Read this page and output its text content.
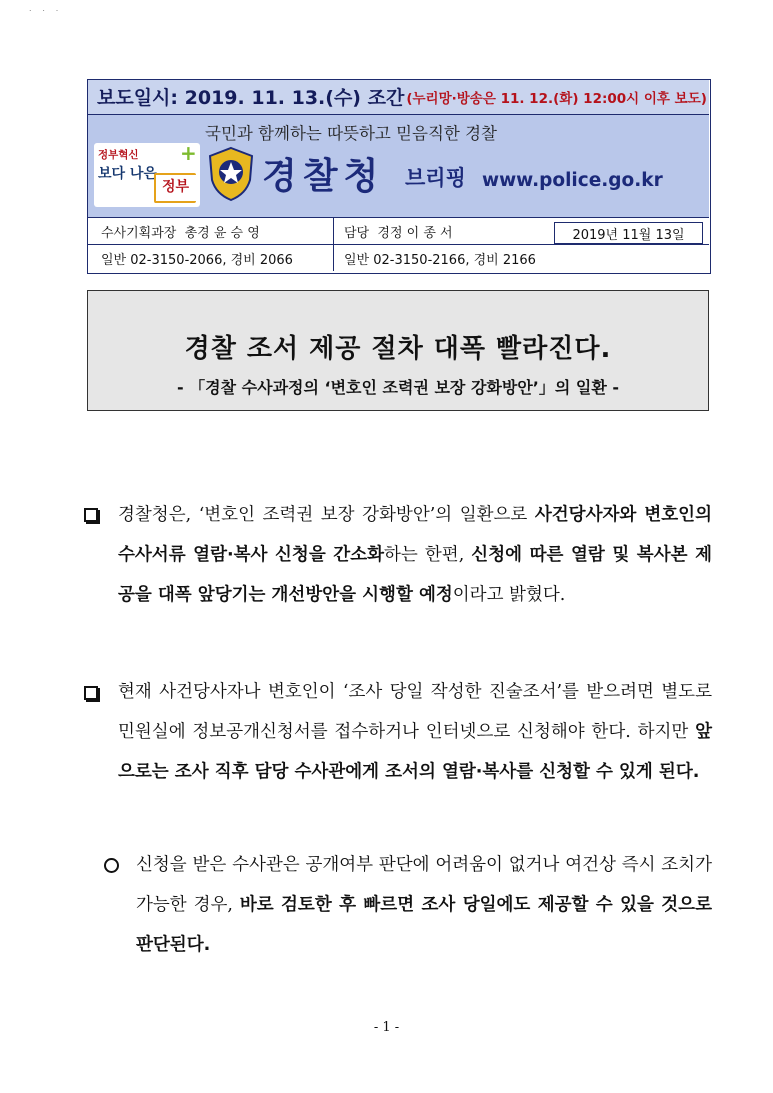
˙ ˙ ˙
보도일시: 2019. 11. 13.(수) 조간 (누리망·방송은 11. 12.(화) 12:00시 이후 보도)
국민과 함께하는 따뜻하고 믿음직한 경찰
정부혁신
보다 나은
정부
+
경찰청 브리핑 www.police.go.kr
수사기획과장  총경 윤 승 영	담당  경정 이 종 서
일반 02-3150-2066, 경비 2066	일반 02-3150-2166, 경비 2166
2019년 11월 13일
경찰 조서 제공 절차 대폭 빨라진다.
- 「경찰 수사과정의 ‘변호인 조력권 보장 강화방안’」의 일환 -
경찰청은, ‘변호인 조력권 보장 강화방안’의 일환으로 사건당사자와 변호인의 수사서류 열람·복사 신청을 간소화하는 한편, 신청에 따른 열람 및 복사본 제공을 대폭 앞당기는 개선방안을 시행할 예정이라고 밝혔다.
현재 사건당사자나 변호인이 ‘조사 당일 작성한 진술조서’를 받으려면 별도로 민원실에 정보공개신청서를 접수하거나 인터넷으로 신청해야 한다. 하지만 앞으로는 조사 직후 담당 수사관에게 조서의 열람·복사를 신청할 수 있게 된다.
신청을 받은 수사관은 공개여부 판단에 어려움이 없거나 여건상 즉시 조치가 가능한 경우, 바로 검토한 후 빠르면 조사 당일에도 제공할 수 있을 것으로 판단된다.
- 1 -
